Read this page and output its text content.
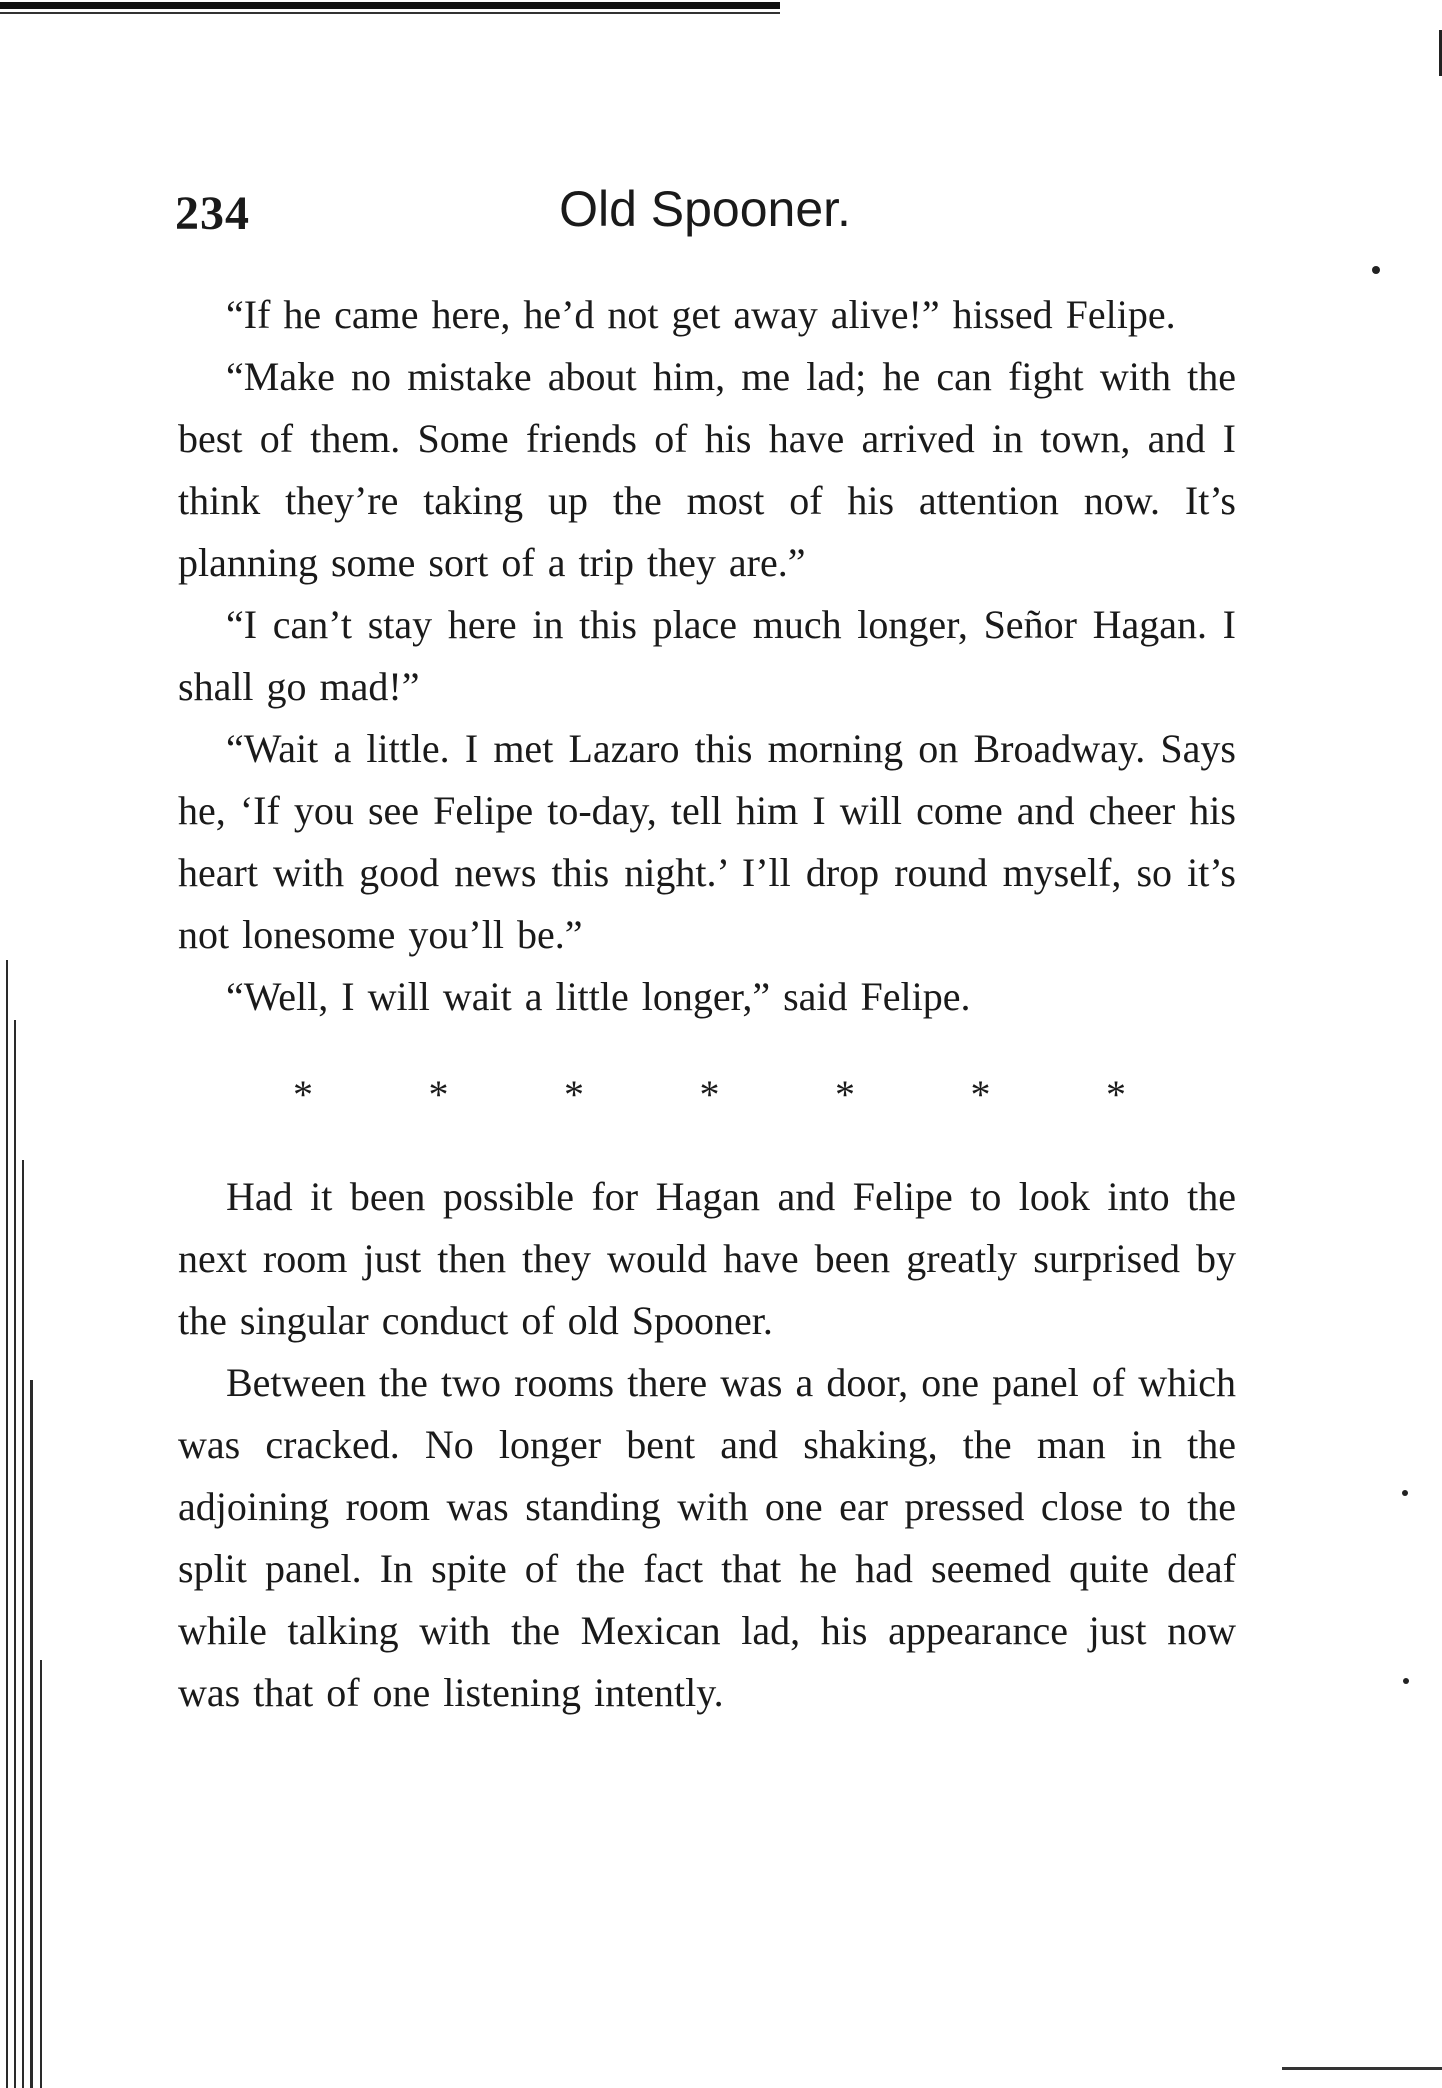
234	Old Spooner.

“If he came here, he’d not get away alive!” hissed Felipe.

“Make no mistake about him, me lad; he can fight with the best of them. Some friends of his have arrived in town, and I think they’re taking up the most of his attention now. It’s planning some sort of a trip they are.”

“I can’t stay here in this place much longer, Señor Hagan. I shall go mad!”

“Wait a little. I met Lazaro this morning on Broadway. Says he, ‘If you see Felipe to-day, tell him I will come and cheer his heart with good news this night.’ I’ll drop round myself, so it’s not lonesome you’ll be.”

“Well, I will wait a little longer,” said Felipe.

*	*	*	*	*	*	*

Had it been possible for Hagan and Felipe to look into the next room just then they would have been greatly surprised by the singular conduct of old Spooner.

Between the two rooms there was a door, one panel of which was cracked. No longer bent and shaking, the man in the adjoining room was standing with one ear pressed close to the split panel. In spite of the fact that he had seemed quite deaf while talking with the Mexican lad, his appearance just now was that of one listening intently.
